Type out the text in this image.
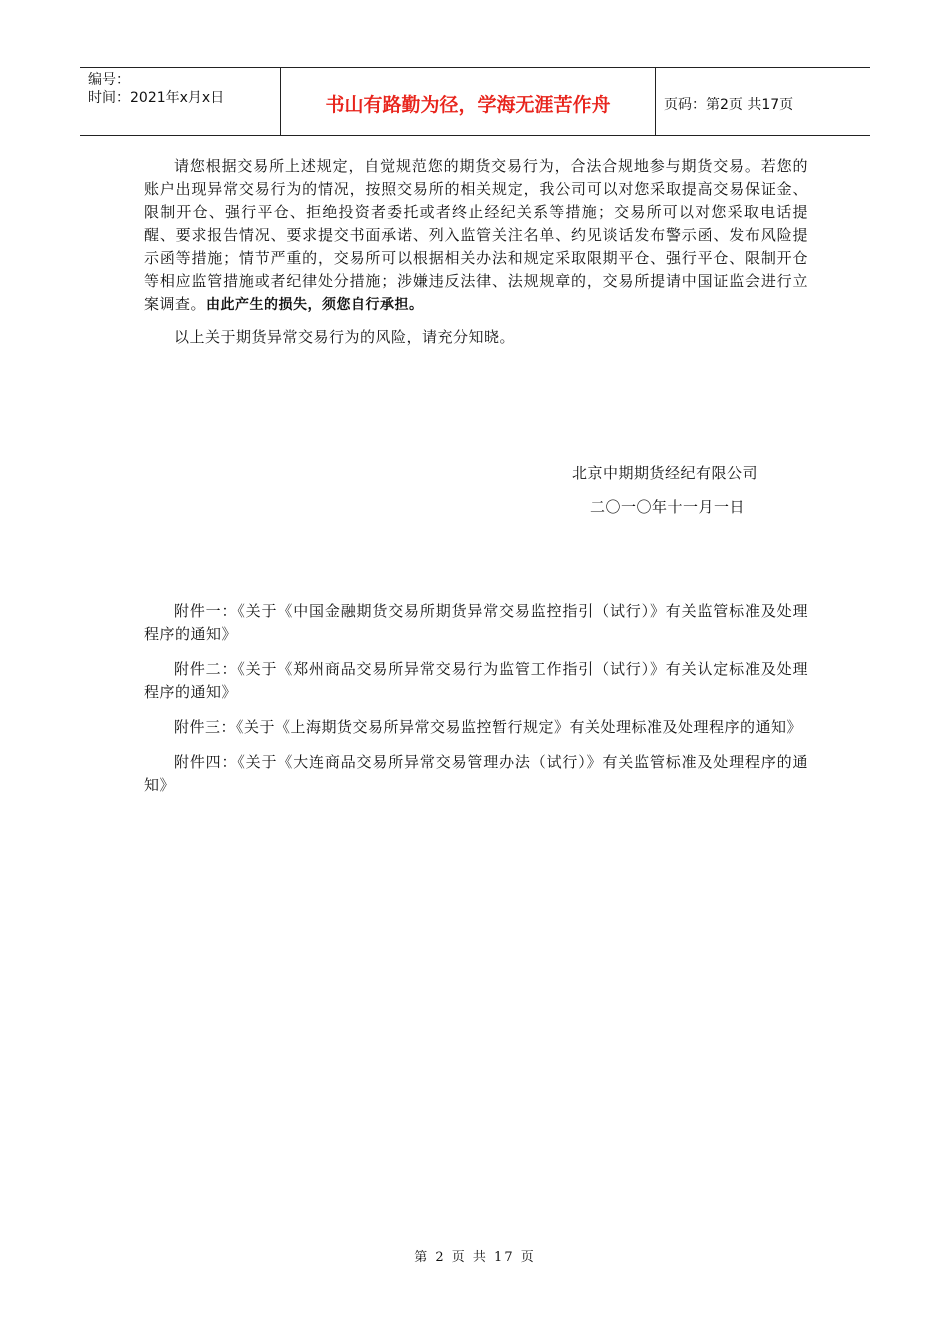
编号：
时间：2021年x月x日	书山有路勤为径，学海无涯苦作舟	页码：第2页 共17页

请您根据交易所上述规定，自觉规范您的期货交易行为，合法合规地参与期货交易。若您的账户出现异常交易行为的情况，按照交易所的相关规定，我公司可以对您采取提高交易保证金、限制开仓、强行平仓、拒绝投资者委托或者终止经纪关系等措施；交易所可以对您采取电话提醒、要求报告情况、要求提交书面承诺、列入监管关注名单、约见谈话发布警示函、发布风险提示函等措施；情节严重的，交易所可以根据相关办法和规定采取限期平仓、强行平仓、限制开仓等相应监管措施或者纪律处分措施；涉嫌违反法律、法规规章的，交易所提请中国证监会进行立案调查。由此产生的损失，须您自行承担。

以上关于期货异常交易行为的风险，请充分知晓。

北京中期期货经纪有限公司
二〇一〇年十一月一日

附件一：《关于《中国金融期货交易所期货异常交易监控指引（试行）》有关监管标准及处理程序的通知》

附件二：《关于《郑州商品交易所异常交易行为监管工作指引（试行）》有关认定标准及处理程序的通知》

附件三：《关于《上海期货交易所异常交易监控暂行规定》有关处理标准及处理程序的通知》

附件四：《关于《大连商品交易所异常交易管理办法（试行）》有关监管标准及处理程序的通知》

第 2 页 共 17 页
